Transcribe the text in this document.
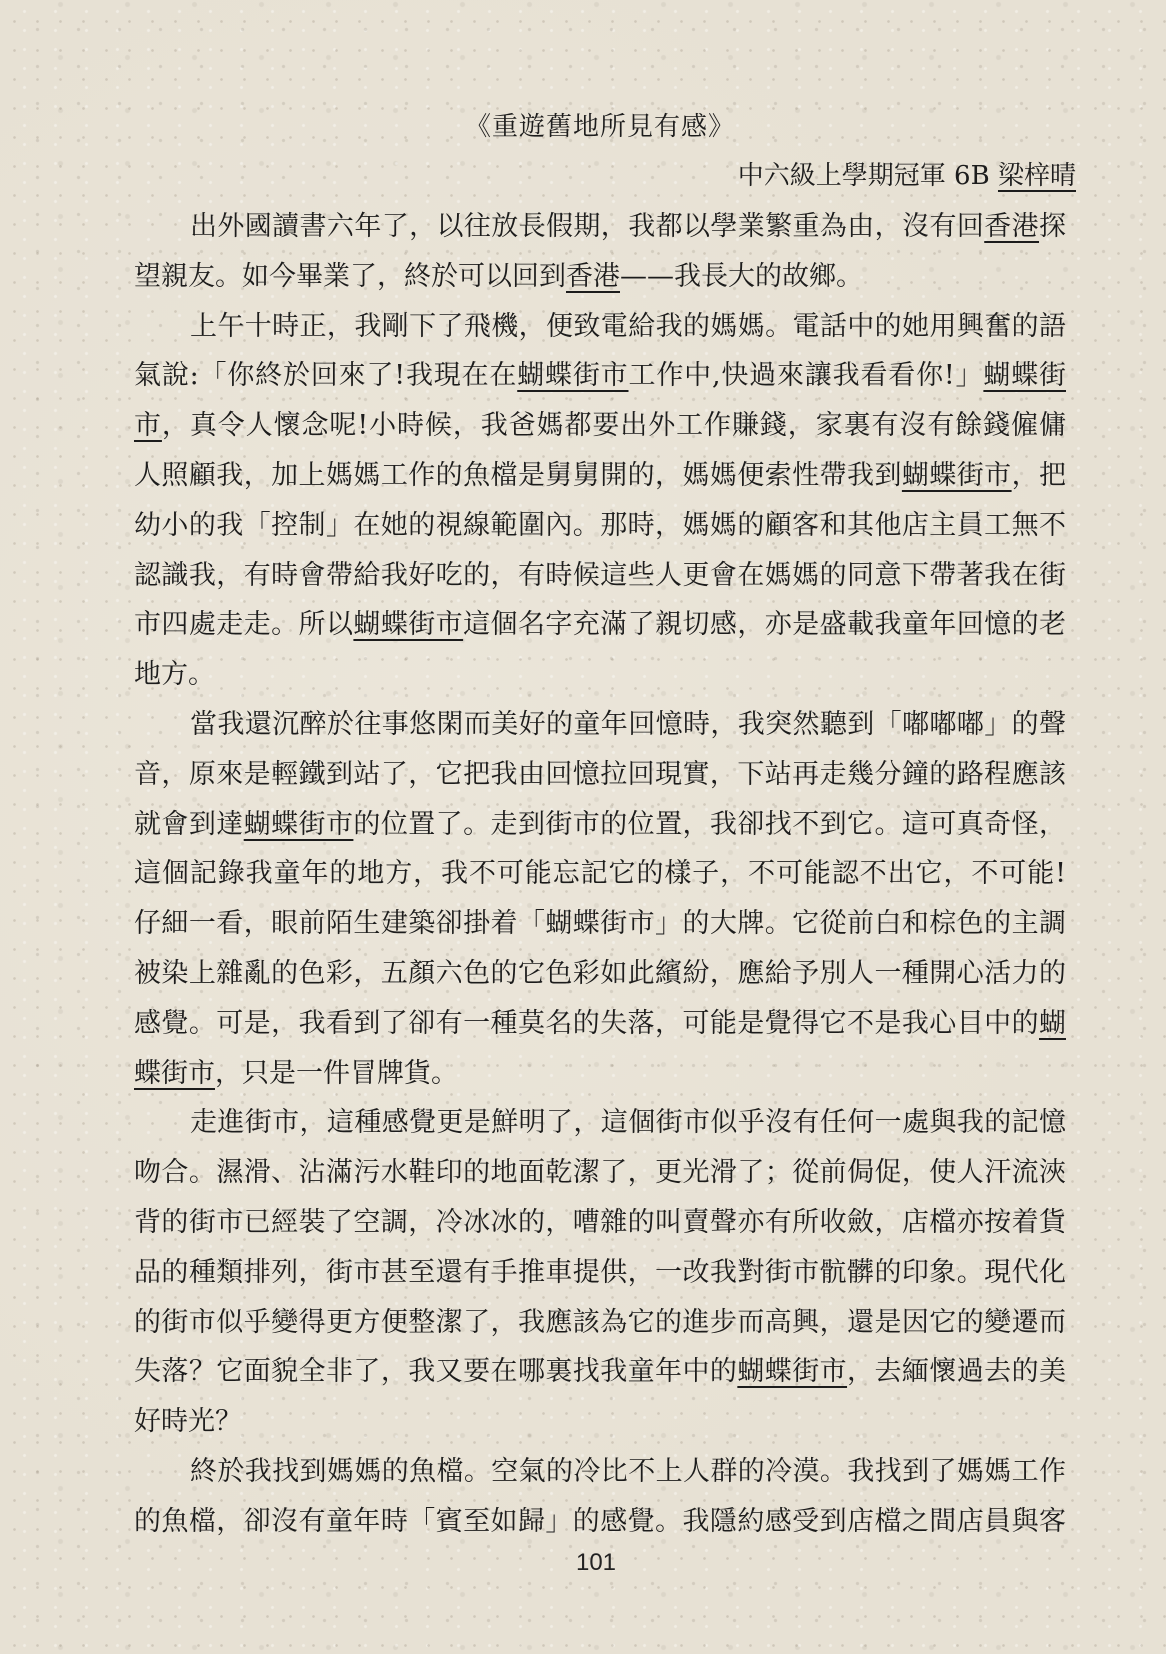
《重遊舊地所見有感》
中六級上學期冠軍 6B 梁梓晴
出外國讀書六年了，以往放長假期，我都以學業繁重為由，沒有回香港探
望親友。如今畢業了，終於可以回到香港——我長大的故鄉。
上午十時正，我剛下了飛機，便致電給我的媽媽。電話中的她用興奮的語
氣說:「你終於回來了!我現在在蝴蝶街市工作中,快過來讓我看看你!」蝴蝶街
市，真令人懷念呢!小時候，我爸媽都要出外工作賺錢，家裏有沒有餘錢僱傭
人照顧我，加上媽媽工作的魚檔是舅舅開的，媽媽便索性帶我到蝴蝶街市，把
幼小的我「控制」在她的視線範圍內。那時，媽媽的顧客和其他店主員工無不
認識我，有時會帶給我好吃的，有時候這些人更會在媽媽的同意下帶著我在街
市四處走走。所以蝴蝶街市這個名字充滿了親切感，亦是盛載我童年回憶的老
地方。
當我還沉醉於往事悠閑而美好的童年回憶時，我突然聽到「嘟嘟嘟」的聲
音，原來是輕鐵到站了，它把我由回憶拉回現實，下站再走幾分鐘的路程應該
就會到達蝴蝶街市的位置了。走到街市的位置，我卻找不到它。這可真奇怪，
這個記錄我童年的地方，我不可能忘記它的樣子，不可能認不出它，不可能!
仔細一看，眼前陌生建築卻掛着「蝴蝶街市」的大牌。它從前白和棕色的主調
被染上雜亂的色彩，五顏六色的它色彩如此繽紛，應給予別人一種開心活力的
感覺。可是，我看到了卻有一種莫名的失落，可能是覺得它不是我心目中的蝴
蝶街市，只是一件冒牌貨。
走進街市，這種感覺更是鮮明了，這個街市似乎沒有任何一處與我的記憶
吻合。濕滑、沾滿污水鞋印的地面乾潔了，更光滑了；從前侷促，使人汗流浹
背的街市已經裝了空調，冷冰冰的，嘈雜的叫賣聲亦有所收斂，店檔亦按着貨
品的種類排列，街市甚至還有手推車提供，一改我對街市骯髒的印象。現代化
的街市似乎變得更方便整潔了，我應該為它的進步而高興，還是因它的變遷而
失落？它面貌全非了，我又要在哪裏找我童年中的蝴蝶街市，去緬懷過去的美
好時光？
終於我找到媽媽的魚檔。空氣的冷比不上人群的冷漠。我找到了媽媽工作
的魚檔，卻沒有童年時「賓至如歸」的感覺。我隱約感受到店檔之間店員與客
101
